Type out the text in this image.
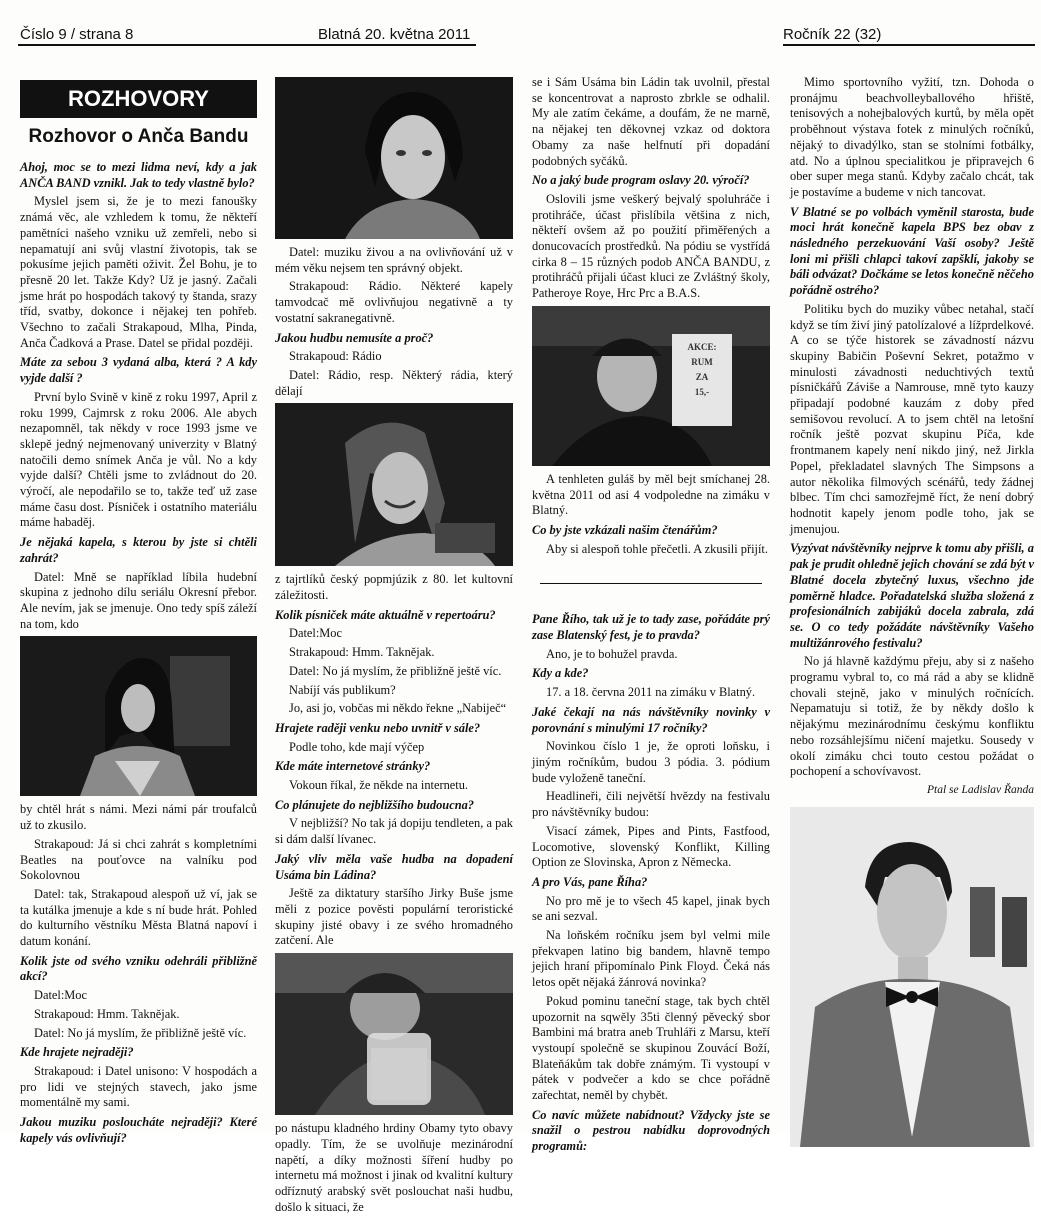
Číslo 9 / strana 8	Blatná 20. května 2011	Ročník 22 (32)
ROZHOVORY
Rozhovor o Anča Bandu

Ahoj, moc se to mezi lidma neví, kdy a jak ANČA BAND vznikl. Jak to tedy vlastně bylo?

Myslel jsem si, že je to mezi fanoušky známá věc, ale vzhledem k tomu, že někteří pamětníci našeho vzniku už zemřeli, nebo si nepamatují ani svůj vlastní životopis, tak se pokusíme jejich paměti oživit. Žel Bohu, je to přesně 20 let. Takže Kdy? Už je jasný. Začali jsme hrát po hospodách takový ty štanda, srazy tříd, svatby, dokonce i nějakej ten pohřeb. Všechno to začali Strakapoud, Mlha, Pinda, Anča Čadková a Prase. Datel se přidal později.

Máte za sebou 3 vydaná alba, která ? A kdy vyjde další ?

První bylo Svině v kině z roku 1997, April z roku 1999, Cajmrsk z roku 2006. Ale abych nezapomněl, tak někdy v roce 1993 jsme ve sklepě jedný nejmenovaný univerzity v Blatný natočili demo snímek Anča je vůl. No a kdy vyjde další? Chtěli jsme to zvládnout do 20. výročí, ale nepodařilo se to, takže teď už zase máme času dost. Písniček i ostatního materiálu máme habaděj.

Je nějaká kapela, s kterou by jste si chtěli zahrát?

Datel: Mně se například líbila hudební skupina z jednoho dílu seriálu Okresní přebor. Ale nevím, jak se jmenuje. Ono tedy spíš záleží na tom, kdo

by chtěl hrát s námi. Mezi námi pár troufalců už to zkusilo.

Strakapoud: Já si chci zahrát s kompletními Beatles na pouťovce na valníku pod Sokolovnou

Datel: tak, Strakapoud alespoň už ví, jak se ta kutálka jmenuje a kde s ní bude hrát. Pohled do kulturního věstníku Města Blatná napoví i datum konání.

Kolik jste od svého vzniku odehráli přibližně akcí?

Datel:Moc

Strakapoud: Hmm. Taknějak.

Datel: No já myslím, že přibližně ještě víc.

Kde hrajete nejraději?

Strakapoud: i Datel unisono: V hospodách a pro lidi ve stejných stavech, jako jsme momentálně my sami.

Jakou muziku posloucháte nejraději? Které kapely vás ovlivňují?

Datel: muziku živou a na ovlivňování už v mém věku nejsem ten správný objekt.

Strakapoud: Rádio. Některé kapely tamvodcač mě ovlivňujou negativně a ty vostatní sakranegativně.

Jakou hudbu nemusíte a proč?

Strakapoud: Rádio

Datel: Rádio, resp. Některý rádia, který dělají

z tajrtlíků český popmjúzik z 80. let kultovní záležitosti.

Kolik písniček máte aktuálně v repertoáru?

Datel:Moc

Strakapoud: Hmm. Taknějak.

Datel: No já myslím, že přibližně ještě víc.

Nabíjí vás publikum?

Jo, asi jo, vobčas mi někdo řekne „Nabiječ“

Hrajete raději venku nebo uvnitř v sále?

Podle toho, kde mají výčep

Kde máte internetové stránky?

Vokoun říkal, že někde na internetu.

Co plánujete do nejbližšího budoucna?

V nejbližší? No tak já dopiju tendleten, a pak si dám další lívanec.

Jaký vliv měla vaše hudba na dopadení Usáma bin Ládina?

Ještě za diktatury staršího Jirky Buše jsme měli z pozice pověsti populární teroristické skupiny jisté obavy i ze svého hromadného zatčení. Ale

po nástupu kladného hrdiny Obamy tyto obavy opadly. Tím, že se uvolňuje mezinárodní napětí, a díky možnosti šíření hudby po internetu má možnost i jinak od kvalitní kultury odříznutý arabský svět poslouchat naši hudbu, došlo k situaci, že

se i Sám Usáma bin Ládin tak uvolnil, přestal se koncentrovat a naprosto zbrkle se odhalil. My ale zatím čekáme, a doufám, že ne marně, na nějakej ten děkovnej vzkaz od doktora Obamy za naše helfnutí při dopadání podobných syčáků.

No a jaký bude program oslavy 20. výročí?

Oslovili jsme veškerý bejvalý spoluhráče i protihráče, účast přislíbila většina z nich, někteří ovšem až po použití přiměřených a donucovacích prostředků. Na pódiu se vystřídá cirka 8 – 15 různých podob ANČA BANDU, z protihráčů přijali účast kluci ze Zvláštný školy, Patheroye Roye, Hrc Prc a B.A.S.

AKCE:
RUM
ZA
15,-

A tenhleten guláš by měl bejt smíchanej 28. května 2011 od asi 4 vodpoledne na zimáku v Blatný.

Co by jste vzkázali našim čtenářům?

Aby si alespoň tohle přečetli. A zkusili přijít.

Pane Řího, tak už je to tady zase, pořádáte prý zase Blatenský fest, je to pravda?

Ano, je to bohužel pravda.

Kdy a kde?

17. a 18. června 2011 na zimáku v Blatný.

Jaké čekají na nás návštěvníky novinky v porovnání s minulými 17 ročníky?

Novinkou číslo 1 je, že oproti loňsku, i jiným ročníkům, budou 3 pódia. 3. pódium bude vyloženě taneční.

Headlineři, čili největší hvězdy na festivalu pro návštěvníky budou:

Visací zámek, Pipes and Pints, Fastfood, Locomotive, slovenský Konflikt, Killing Option ze Slovinska, Apron z Německa.

A pro Vás, pane Říha?

No pro mě je to všech 45 kapel, jinak bych se ani sezval.

Na loňském ročníku jsem byl velmi mile překvapen latino big bandem, hlavně tempo jejich hraní připomínalo Pink Floyd. Čeká nás letos opět nějaká žánrová novinka?

Pokud pominu taneční stage, tak bych chtěl upozornit na sqwěly 35ti členný pěvecký sbor Bambini má bratra aneb Truhláři z Marsu, kteří vystoupí společně se skupinou Zouvácí Boží, Blateňákům tak dobře známým. Ti vystoupí v pátek v podvečer a kdo se chce pořádně zařechtat, neměl by chybět.

Co navíc můžete nabídnout? Vždycky jste se snažil o pestrou nabídku doprovodných programů:

Mimo sportovního vyžití, tzn. Dohoda o pronájmu beachvolleyballového hřiště, tenisových a nohejbalových kurtů, by měla opět proběhnout výstava fotek z minulých ročníků, nějaký to divadýlko, stan se stolními fotbálky, atd. No a úplnou specialitkou je připravejch 6 ober super mega stanů. Kdyby začalo chcát, tak je postavíme a budeme v nich tancovat.

V Blatné se po volbách vyměnil starosta, bude moci hrát konečně kapela BPS bez obav z následného perzekuování Vaší osoby? Ještě loni mi přišli chlapci takoví zapšklí, jakoby se báli odvázat? Dočkáme se letos konečně něčeho pořádně ostrého?

Politiku bych do muziky vůbec netahal, stačí když se tím živí jiný patolízalové a lížprdelkové. A co se týče historek se závadností názvu skupiny Babičin Poševní Sekret, potažmo v minulosti závadnosti neduchtivých textů písničkářů Záviše a Namrouse, mně tyto kauzy připadají podobné kauzám z doby před semišovou revolucí. A to jsem chtěl na letošní ročník ještě pozvat skupinu Píča, kde frontmanem kapely není nikdo jiný, než Jirkla Popel, překladatel slavných The Simpsons a autor několika filmových scénářů, tedy žádnej blbec. Tím chci samozřejmě říct, že není dobrý hodnotit kapely jenom podle toho, jak se jmenujou.

Vyzývat návštěvníky nejprve k tomu aby přišli, a pak je prudit ohledně jejich chování se zdá být v Blatné docela zbytečný luxus, všechno jde poměrně hladce. Pořadatelská služba složená z profesionálních zabijáků docela zabrala, zdá se. O co tedy požádáte návštěvníky Vašeho multižánrového festivalu?

No já hlavně každýmu přeju, aby si z našeho programu vybral to, co má rád a aby se klidně chovali stejně, jako v minulých ročnících. Nepamatuju si totiž, že by někdy došlo k nějakýmu mezinárodnímu českýmu konfliktu nebo rozsáhlejšímu ničení majetku. Sousedy v okolí zimáku chci touto cestou požádat o pochopení a schovívavost.

Ptal se Ladislav Řanda
